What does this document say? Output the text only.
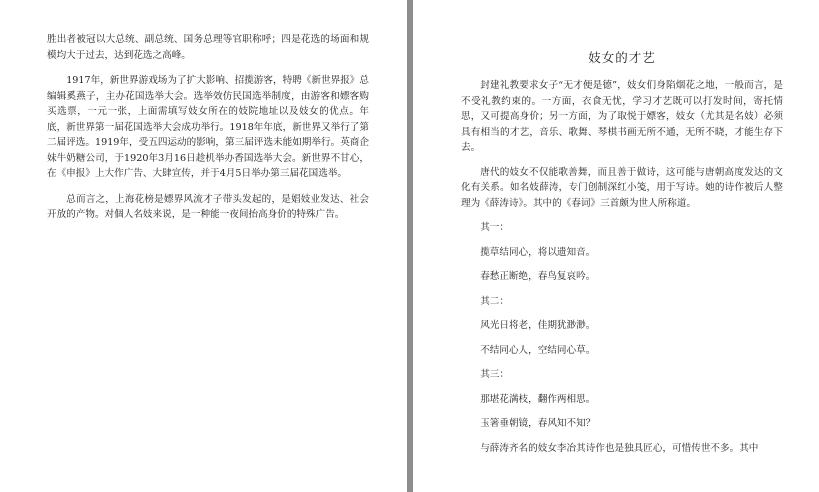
胜出者被冠以大总统、副总统、国务总理等官职称呼；四是花选的场面和规模均大于过去，达到花选之高峰。

1917年，新世界游戏场为了扩大影响、招揽游客，特聘《新世界报》总编辑奚燕子，主办花国选举大会。选举效仿民国选举制度，由游客和嫖客购买选票，一元一张，上面需填写妓女所在的妓院地址以及妓女的优点。年底，新世界第一届花国选举大会成功举行。1918年年底，新世界又举行了第二届评选。1919年，受五四运动的影响，第三届评选未能如期举行。英商企妹牛奶糖公司，于1920年3月16日趁机举办香国选举大会。新世界不甘心，在《申报》上大作广告、大肆宣传，并于4月5日举办第三届花国选举。

总而言之，上海花榜是嫖界风流才子带头发起的，是娼妓业发达、社会开放的产物。对個人名妓来说，是一种能一夜间抬高身价的特殊广告。

妓女的才艺

封建礼教要求女子“无才便是德”，妓女们身陷烟花之地，一般而言，是不受礼教约束的。一方面，衣食无忧，学习才艺既可以打发时间，寄托情思，又可提高身价；另一方面，为了取悦于嫖客，妓女（尤其是名妓）必须具有相当的才艺，音乐、歌舞、琴棋书画无所不通，无所不晓，才能生存下去。

唐代的妓女不仅能歌善舞，而且善于做诗，这可能与唐朝高度发达的文化有关系。如名妓薛涛，专门创制深红小笺，用于写诗。她的诗作被后人整理为《薛涛诗》。其中的《春词》三首颇为世人所称道。

其一：

揽草结同心，将以遗知音。

春愁正断绝，春鸟复哀吟。

其二：

风光日将老，佳期犹渺渺。

不结同心人，空结同心草。

其三：

那堪花满枝，翻作两相思。

玉箸垂朝镜，春风知不知？

与薛涛齐名的妓女李冶其诗作也是独具匠心，可惜传世不多。其中
